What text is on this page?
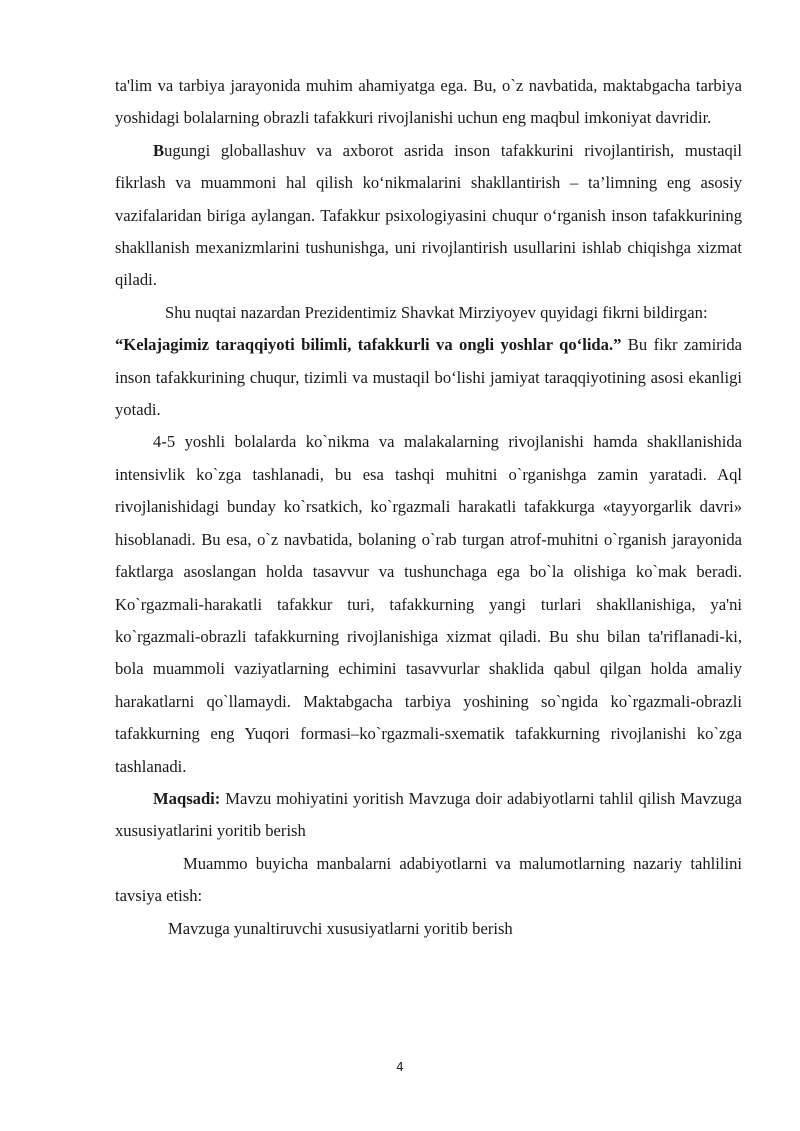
ta'lim va tarbiya jarayonida muhim ahamiyatga ega. Bu, o`z navbatida, maktabgacha tarbiya yoshidagi bolalarning obrazli tafakkuri rivojlanishi uchun eng maqbul imkoniyat davridir.

Bugungi globallashuv va axborot asrida inson tafakkurini rivojlantirish, mustaqil fikrlash va muammoni hal qilish ko‘nikmalarini shakllantirish – ta’limning eng asosiy vazifalaridan biriga aylangan. Tafakkur psixologiyasini chuqur o‘rganish inson tafakkurining shakllanish mexanizmlarini tushunishga, uni rivojlantirish usullarini ishlab chiqishga xizmat qiladi.

Shu nuqtai nazardan Prezidentimiz Shavkat Mirziyoyev quyidagi fikrni bildirgan:

“Kelajagimiz taraqqiyoti bilimli, tafakkurli va ongli yoshlar qo‘lida.” Bu fikr zamirida inson tafakkurining chuqur, tizimli va mustaqil bo‘lishi jamiyat taraqqiyotining asosi ekanligi yotadi.

4-5 yoshli bolalarda ko`nikma va malakalarning rivojlanishi hamda shakllanishida intensivlik ko`zga tashlanadi, bu esa tashqi muhitni o`rganishga zamin yaratadi. Aql rivojlanishidagi bunday ko`rsatkich, ko`rgazmali harakatli tafakkurga «tayyorgarlik davri» hisoblanadi. Bu esa, o`z navbatida, bolaning o`rab turgan atrof-muhitni o`rganish jarayonida faktlarga asoslangan holda tasavvur va tushunchaga ega bo`la olishiga ko`mak beradi. Ko`rgazmali-harakatli tafakkur turi, tafakkurning yangi turlari shakllanishiga, ya'ni ko`rgazmali-obrazli tafakkurning rivojlanishiga xizmat qiladi. Bu shu bilan ta'riflanadi-ki, bola muammoli vaziyatlarning echimini tasavvurlar shaklida qabul qilgan holda amaliy harakatlarni qo`llamaydi. Maktabgacha tarbiya yoshining so`ngida ko`rgazmali-obrazli tafakkurning eng Yuqori formasi–ko`rgazmali-sxematik tafakkurning rivojlanishi ko`zga tashlanadi.

Maqsadi: Mavzu mohiyatini yoritish Mavzuga doir adabiyotlarni tahlil qilish Mavzuga xususiyatlarini yoritib berish

Muammo buyicha manbalarni adabiyotlarni va malumotlarning nazariy tahlilini tavsiya etish:

Mavzuga yunaltiruvchi xususiyatlarni yoritib berish

4
